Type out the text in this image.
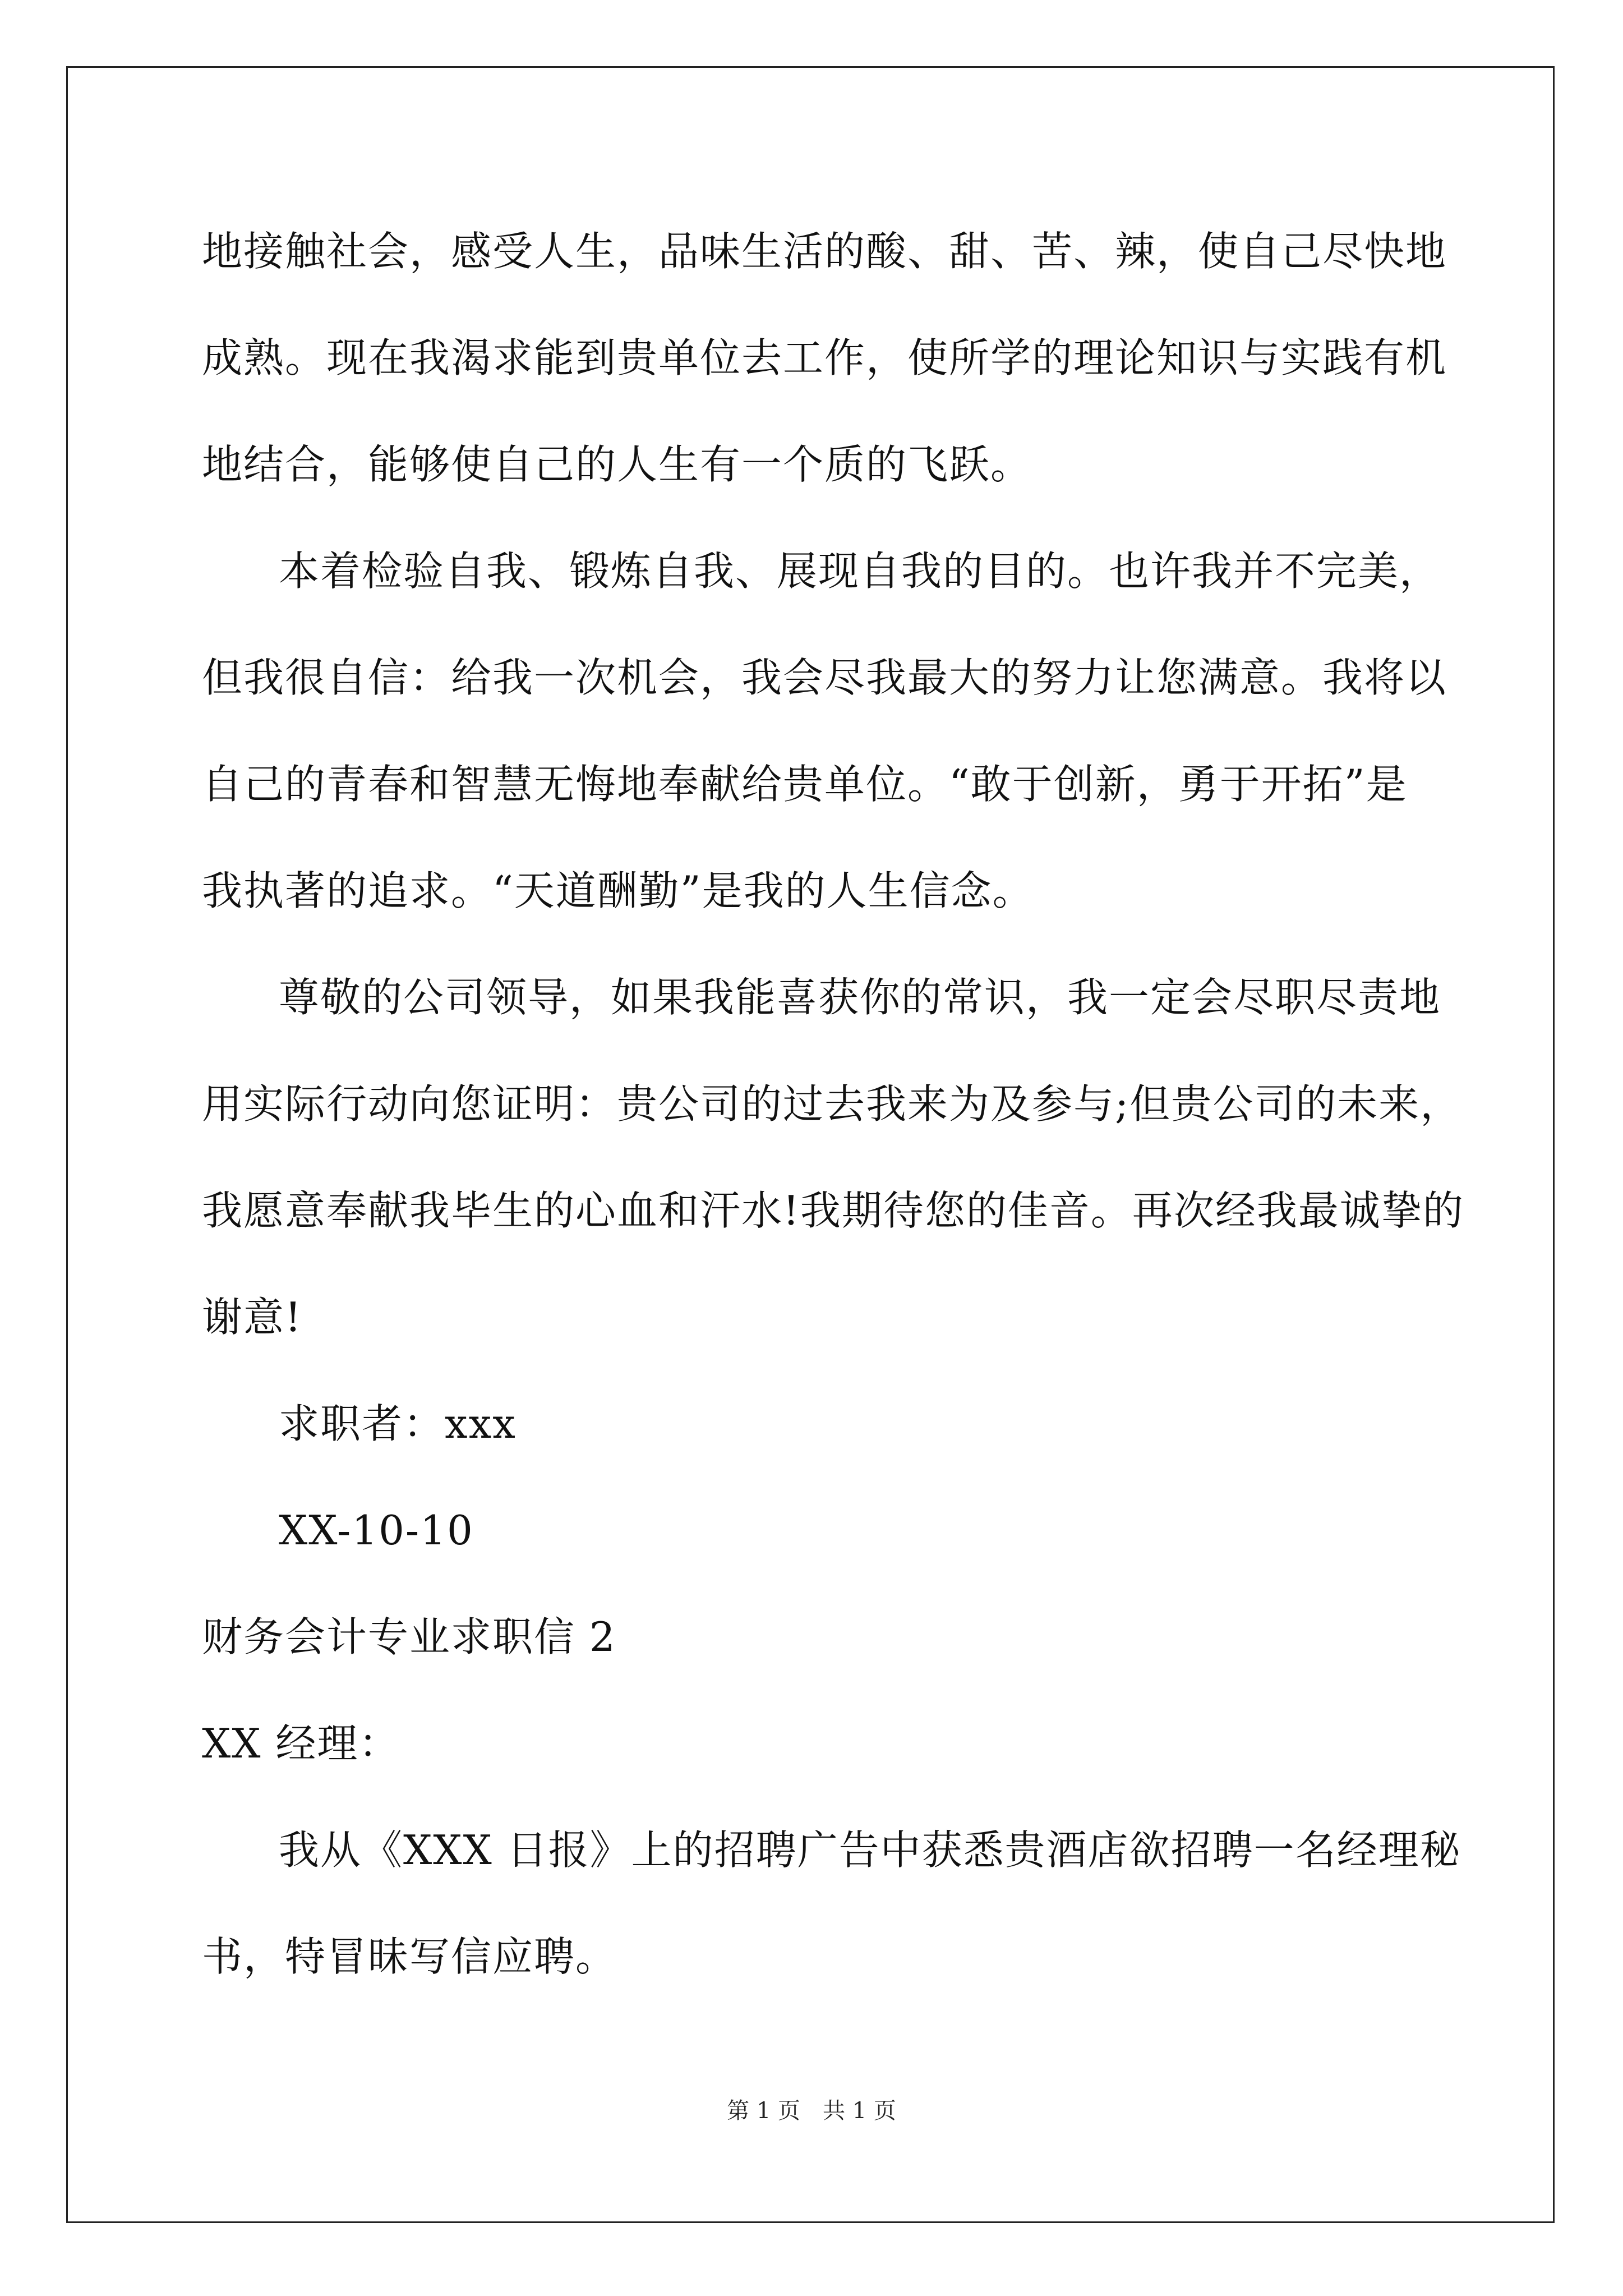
地接触社会，感受人生，品味生活的酸、甜、苦、辣，使自己尽快地
成熟。现在我渴求能到贵单位去工作，使所学的理论知识与实践有机
地结合，能够使自己的人生有一个质的飞跃。
本着检验自我、锻炼自我、展现自我的目的。也许我并不完美，
但我很自信：给我一次机会，我会尽我最大的努力让您满意。我将以
自己的青春和智慧无悔地奉献给贵单位。“敢于创新，勇于开拓”是
我执著的追求。“天道酬勤”是我的人生信念。
尊敬的公司领导，如果我能喜获你的常识，我一定会尽职尽责地
用实际行动向您证明：贵公司的过去我来为及参与;但贵公司的未来，
我愿意奉献我毕生的心血和汗水!我期待您的佳音。再次经我最诚挚的
谢意!
求职者：xxx
XX-10-10
财务会计专业求职信 2
XX 经理：
我从《XXX 日报》上的招聘广告中获悉贵酒店欲招聘一名经理秘
书，特冒昧写信应聘。
第 1 页　共 1 页
